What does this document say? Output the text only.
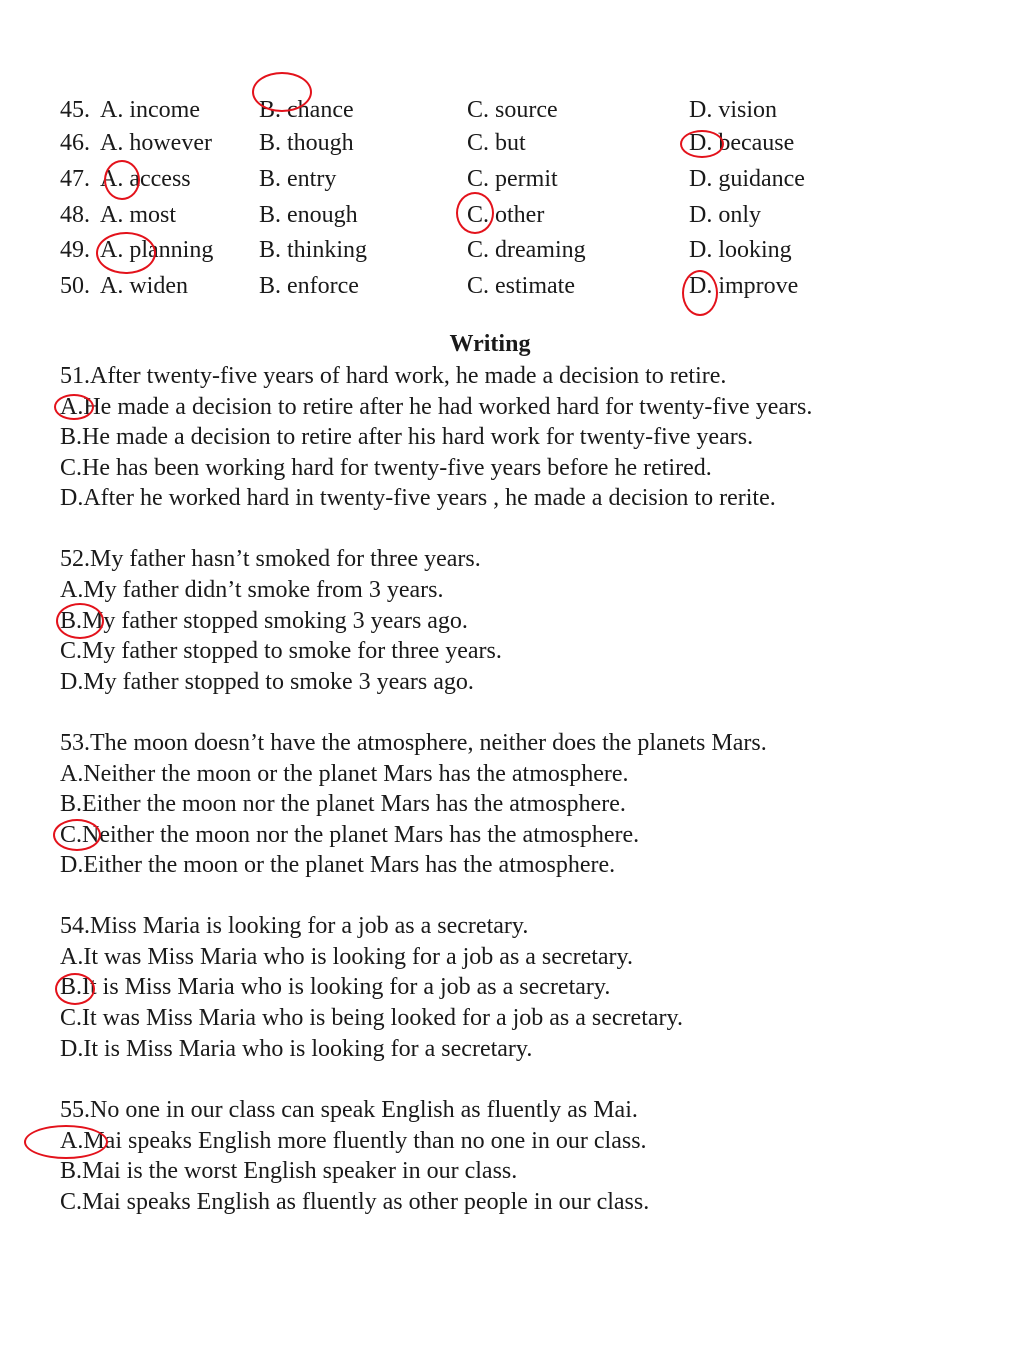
45. A. income B. chance	C. source	D. vision
46. A. however B. though	C. but	D. because
47. A. access	B. entry	C. permit	D. guidance
48. A. most	B. enough	C. other	D. only
49. A. planning B. thinking	C. dreaming	D. looking
50. A. widen	B. enforce	C. estimate	D. improve
Writing
51.After twenty-five years of hard work, he made a decision to retire.
A.He made a decision to retire after he had worked hard for twenty-five years.
B.He made a decision to retire after his hard work for twenty-five years.
C.He has been working hard for twenty-five years before he retired.
D.After he worked hard in twenty-five years , he made a decision to rerite.
52.My father hasn’t smoked for three years.
A.My father didn’t smoke from 3 years.
B.My father stopped smoking 3 years ago.
C.My father stopped to smoke for three years.
D.My father stopped to smoke 3 years ago.
53.The moon doesn’t have the atmosphere, neither does the planets Mars.
A.Neither the moon or the planet Mars has the atmosphere.
B.Either the moon nor the planet Mars has the atmosphere.
C.Neither the moon nor the planet Mars has the atmosphere.
D.Either the moon or the planet Mars has the atmosphere.
54.Miss Maria is looking for a job as a secretary.
A.It was Miss Maria who is looking for a job as a secretary.
B.It is Miss Maria who is looking for a job as a secretary.
C.It was Miss Maria who is being looked for a job as a secretary.
D.It is Miss Maria who is looking for a secretary.
55.No one in our class can speak English as fluently as Mai.
A.Mai speaks English more fluently than no one in our class.
B.Mai is the worst English speaker in our class.
C.Mai speaks English as fluently as other people in our class.
